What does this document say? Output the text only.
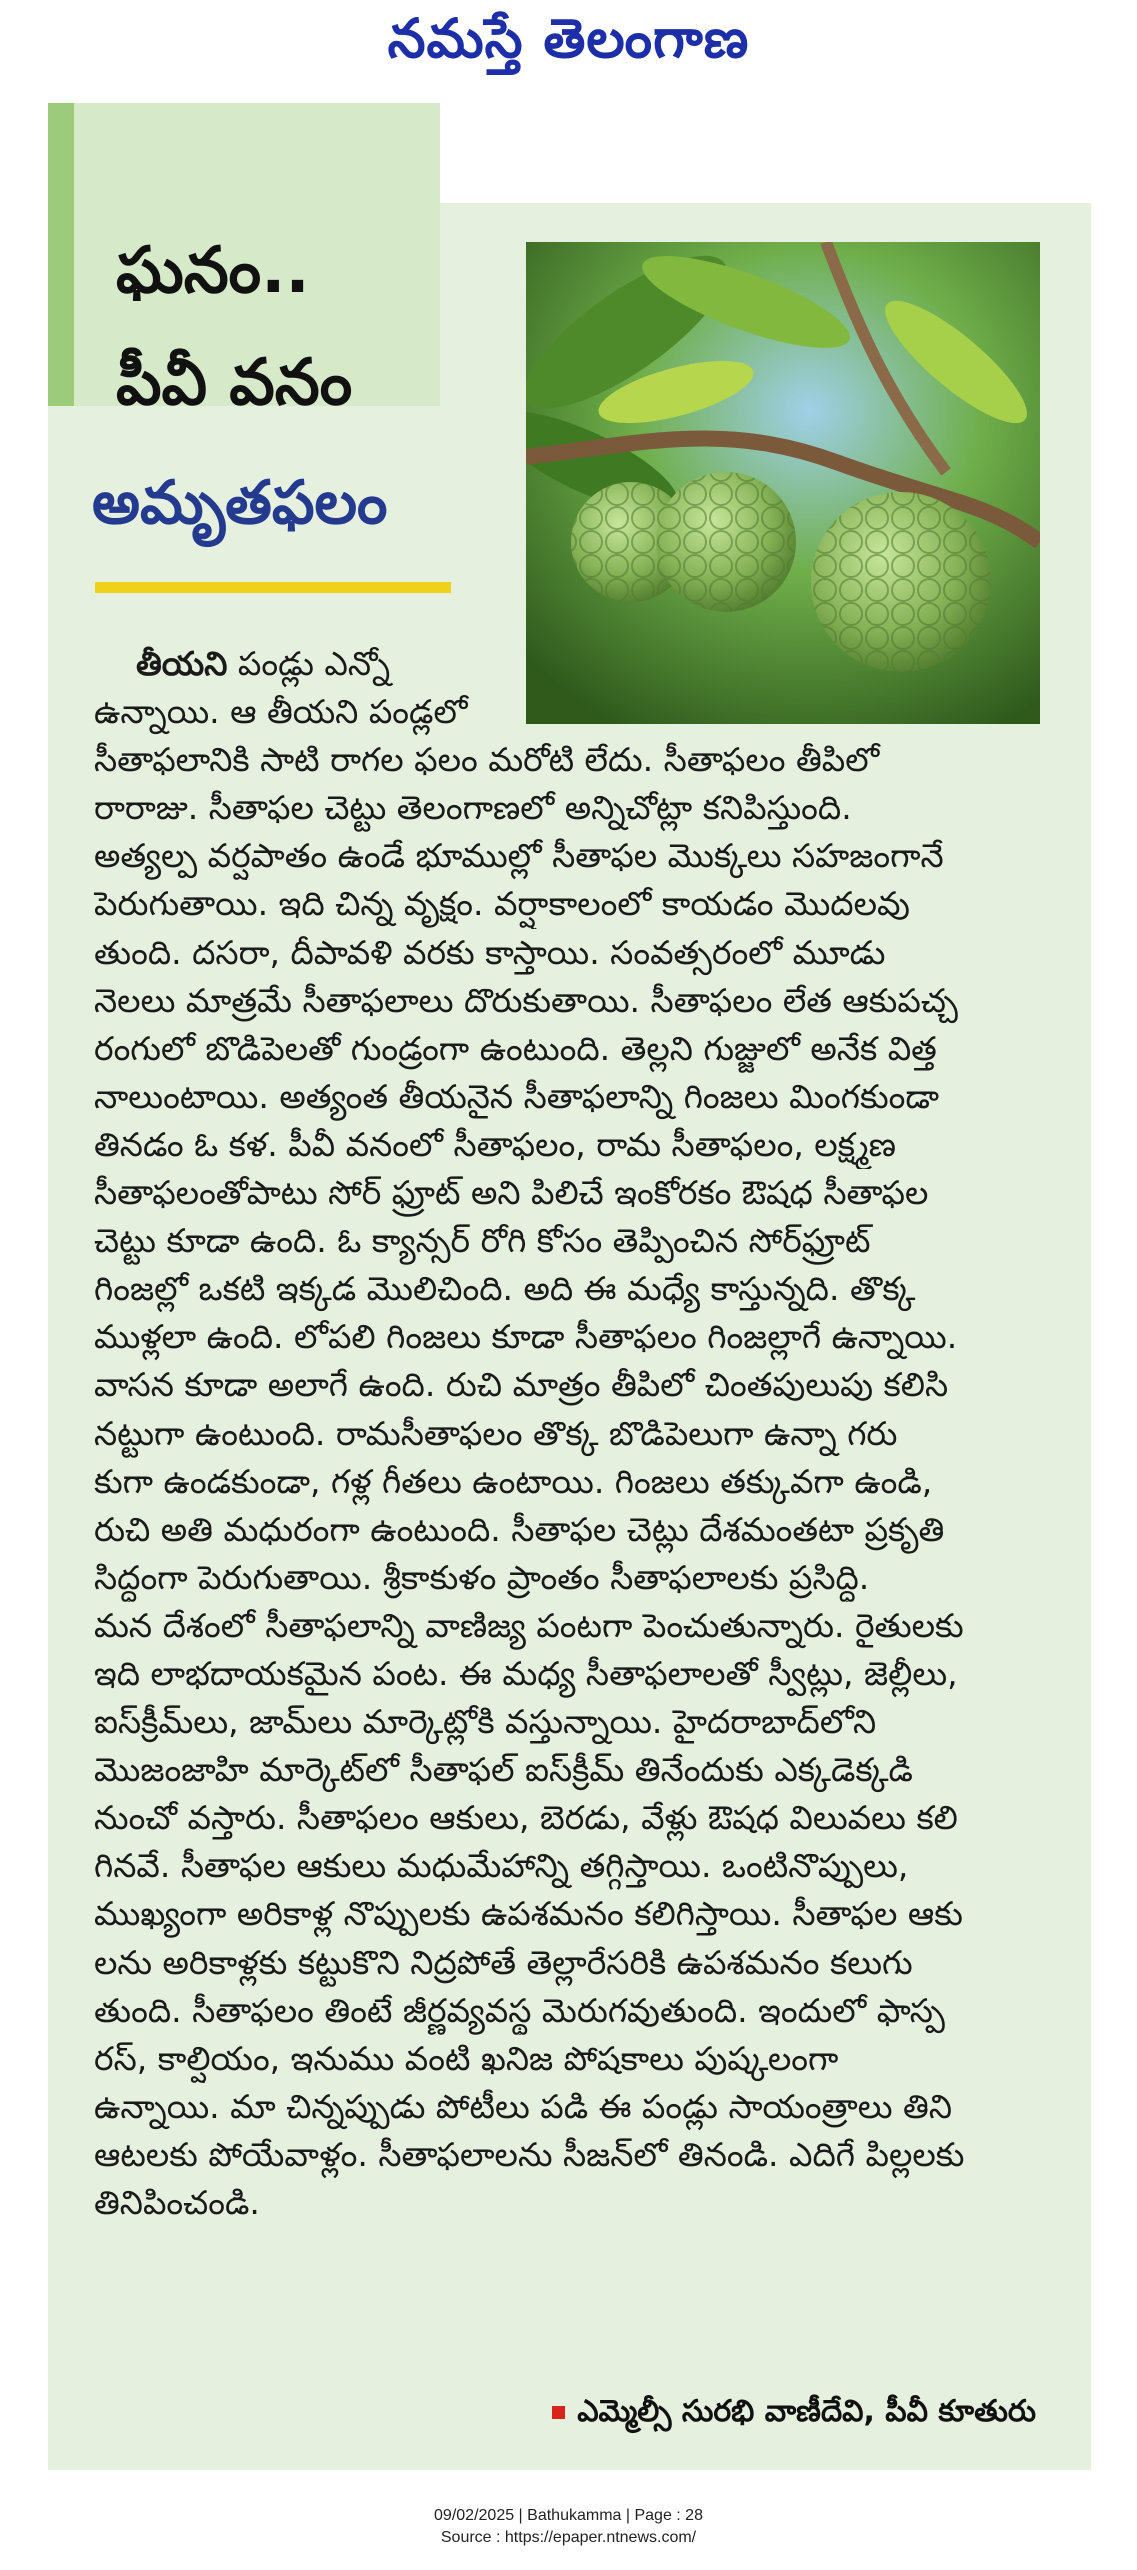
నమస్తే తెలంగాణ
ఘనం..
పీవీ వనం
అమృతఫలం
తీయని పండ్లు ఎన్నో
ఉన్నాయి. ఆ తీయని పండ్లలో
సీతాఫలానికి సాటి రాగల ఫలం మరోటి లేదు. సీతాఫలం తీపిలో
రారాజు. సీతాఫల చెట్టు తెలంగాణలో అన్నిచోట్లా కనిపిస్తుంది.
అత్యల్ప వర్షపాతం ఉండే భూముల్లో సీతాఫల మొక్కలు సహజంగానే
పెరుగుతాయి. ఇది చిన్న వృక్షం. వర్షాకాలంలో కాయడం మొదలవు
తుంది. దసరా, దీపావళి వరకు కాస్తాయి. సంవత్సరంలో మూడు
నెలలు మాత్రమే సీతాఫలాలు దొరుకుతాయి. సీతాఫలం లేత ఆకుపచ్చ
రంగులో బొడిపెలతో గుండ్రంగా ఉంటుంది. తెల్లని గుజ్జులో అనేక విత్త
నాలుంటాయి. అత్యంత తీయనైన సీతాఫలాన్ని గింజలు మింగకుండా
తినడం ఓ కళ. పీవీ వనంలో సీతాఫలం, రామ సీతాఫలం, లక్ష్మణ
సీతాఫలంతోపాటు సోర్ ఫ్రూట్ అని పిలిచే ఇంకోరకం ఔషధ సీతాఫల
చెట్టు కూడా ఉంది. ఓ క్యాన్సర్ రోగి కోసం తెప్పించిన సోర్‌ఫ్రూట్
గింజల్లో ఒకటి ఇక్కడ మొలిచింది. అది ఈ మధ్యే కాస్తున్నది. తొక్క
ముళ్లలా ఉంది. లోపలి గింజలు కూడా సీతాఫలం గింజల్లాగే ఉన్నాయి.
వాసన కూడా అలాగే ఉంది. రుచి మాత్రం తీపిలో చింతపులుపు కలిసి
నట్టుగా ఉంటుంది. రామసీతాఫలం తొక్క బొడిపెలుగా ఉన్నా గరు
కుగా ఉండకుండా, గళ్ల గీతలు ఉంటాయి. గింజలు తక్కువగా ఉండి,
రుచి అతి మధురంగా ఉంటుంది. సీతాఫల చెట్లు దేశమంతటా ప్రకృతి
సిద్ధంగా పెరుగుతాయి. శ్రీకాకుళం ప్రాంతం సీతాఫలాలకు ప్రసిద్ధి.
మన దేశంలో సీతాఫలాన్ని వాణిజ్య పంటగా పెంచుతున్నారు. రైతులకు
ఇది లాభదాయకమైన పంట. ఈ మధ్య సీతాఫలాలతో స్వీట్లు, జెల్లీలు,
ఐస్‌క్రీమ్‌లు, జామ్‌లు మార్కెట్లోకి వస్తున్నాయి. హైదరాబాద్‌లోని
మొజంజాహి మార్కెట్‌లో సీతాఫల్ ఐస్‌క్రీమ్ తినేందుకు ఎక్కడెక్కడి
నుంచో వస్తారు. సీతాఫలం ఆకులు, బెరడు, వేళ్లు ఔషధ విలువలు కలి
గినవే. సీతాఫల ఆకులు మధుమేహాన్ని తగ్గిస్తాయి. ఒంటినొప్పులు,
ముఖ్యంగా అరికాళ్ల నొప్పులకు ఉపశమనం కలిగిస్తాయి. సీతాఫల ఆకు
లను అరికాళ్లకు కట్టుకొని నిద్రపోతే తెల్లారేసరికి ఉపశమనం కలుగు
తుంది. సీతాఫలం తింటే జీర్ణవ్యవస్థ మెరుగవుతుంది. ఇందులో ఫాస్ప
రస్, కాల్షియం, ఇనుము వంటి ఖనిజ పోషకాలు పుష్కలంగా
ఉన్నాయి. మా చిన్నప్పుడు పోటీలు పడి ఈ పండ్లు సాయంత్రాలు తిని
ఆటలకు పోయేవాళ్లం. సీతాఫలాలను సీజన్‌లో తినండి. ఎదిగే పిల్లలకు
తినిపించండి.
ఎమ్మెల్సీ సురభి వాణీదేవి, పీవీ కూతురు
09/02/2025 | Bathukamma | Page : 28
Source : https://epaper.ntnews.com/
